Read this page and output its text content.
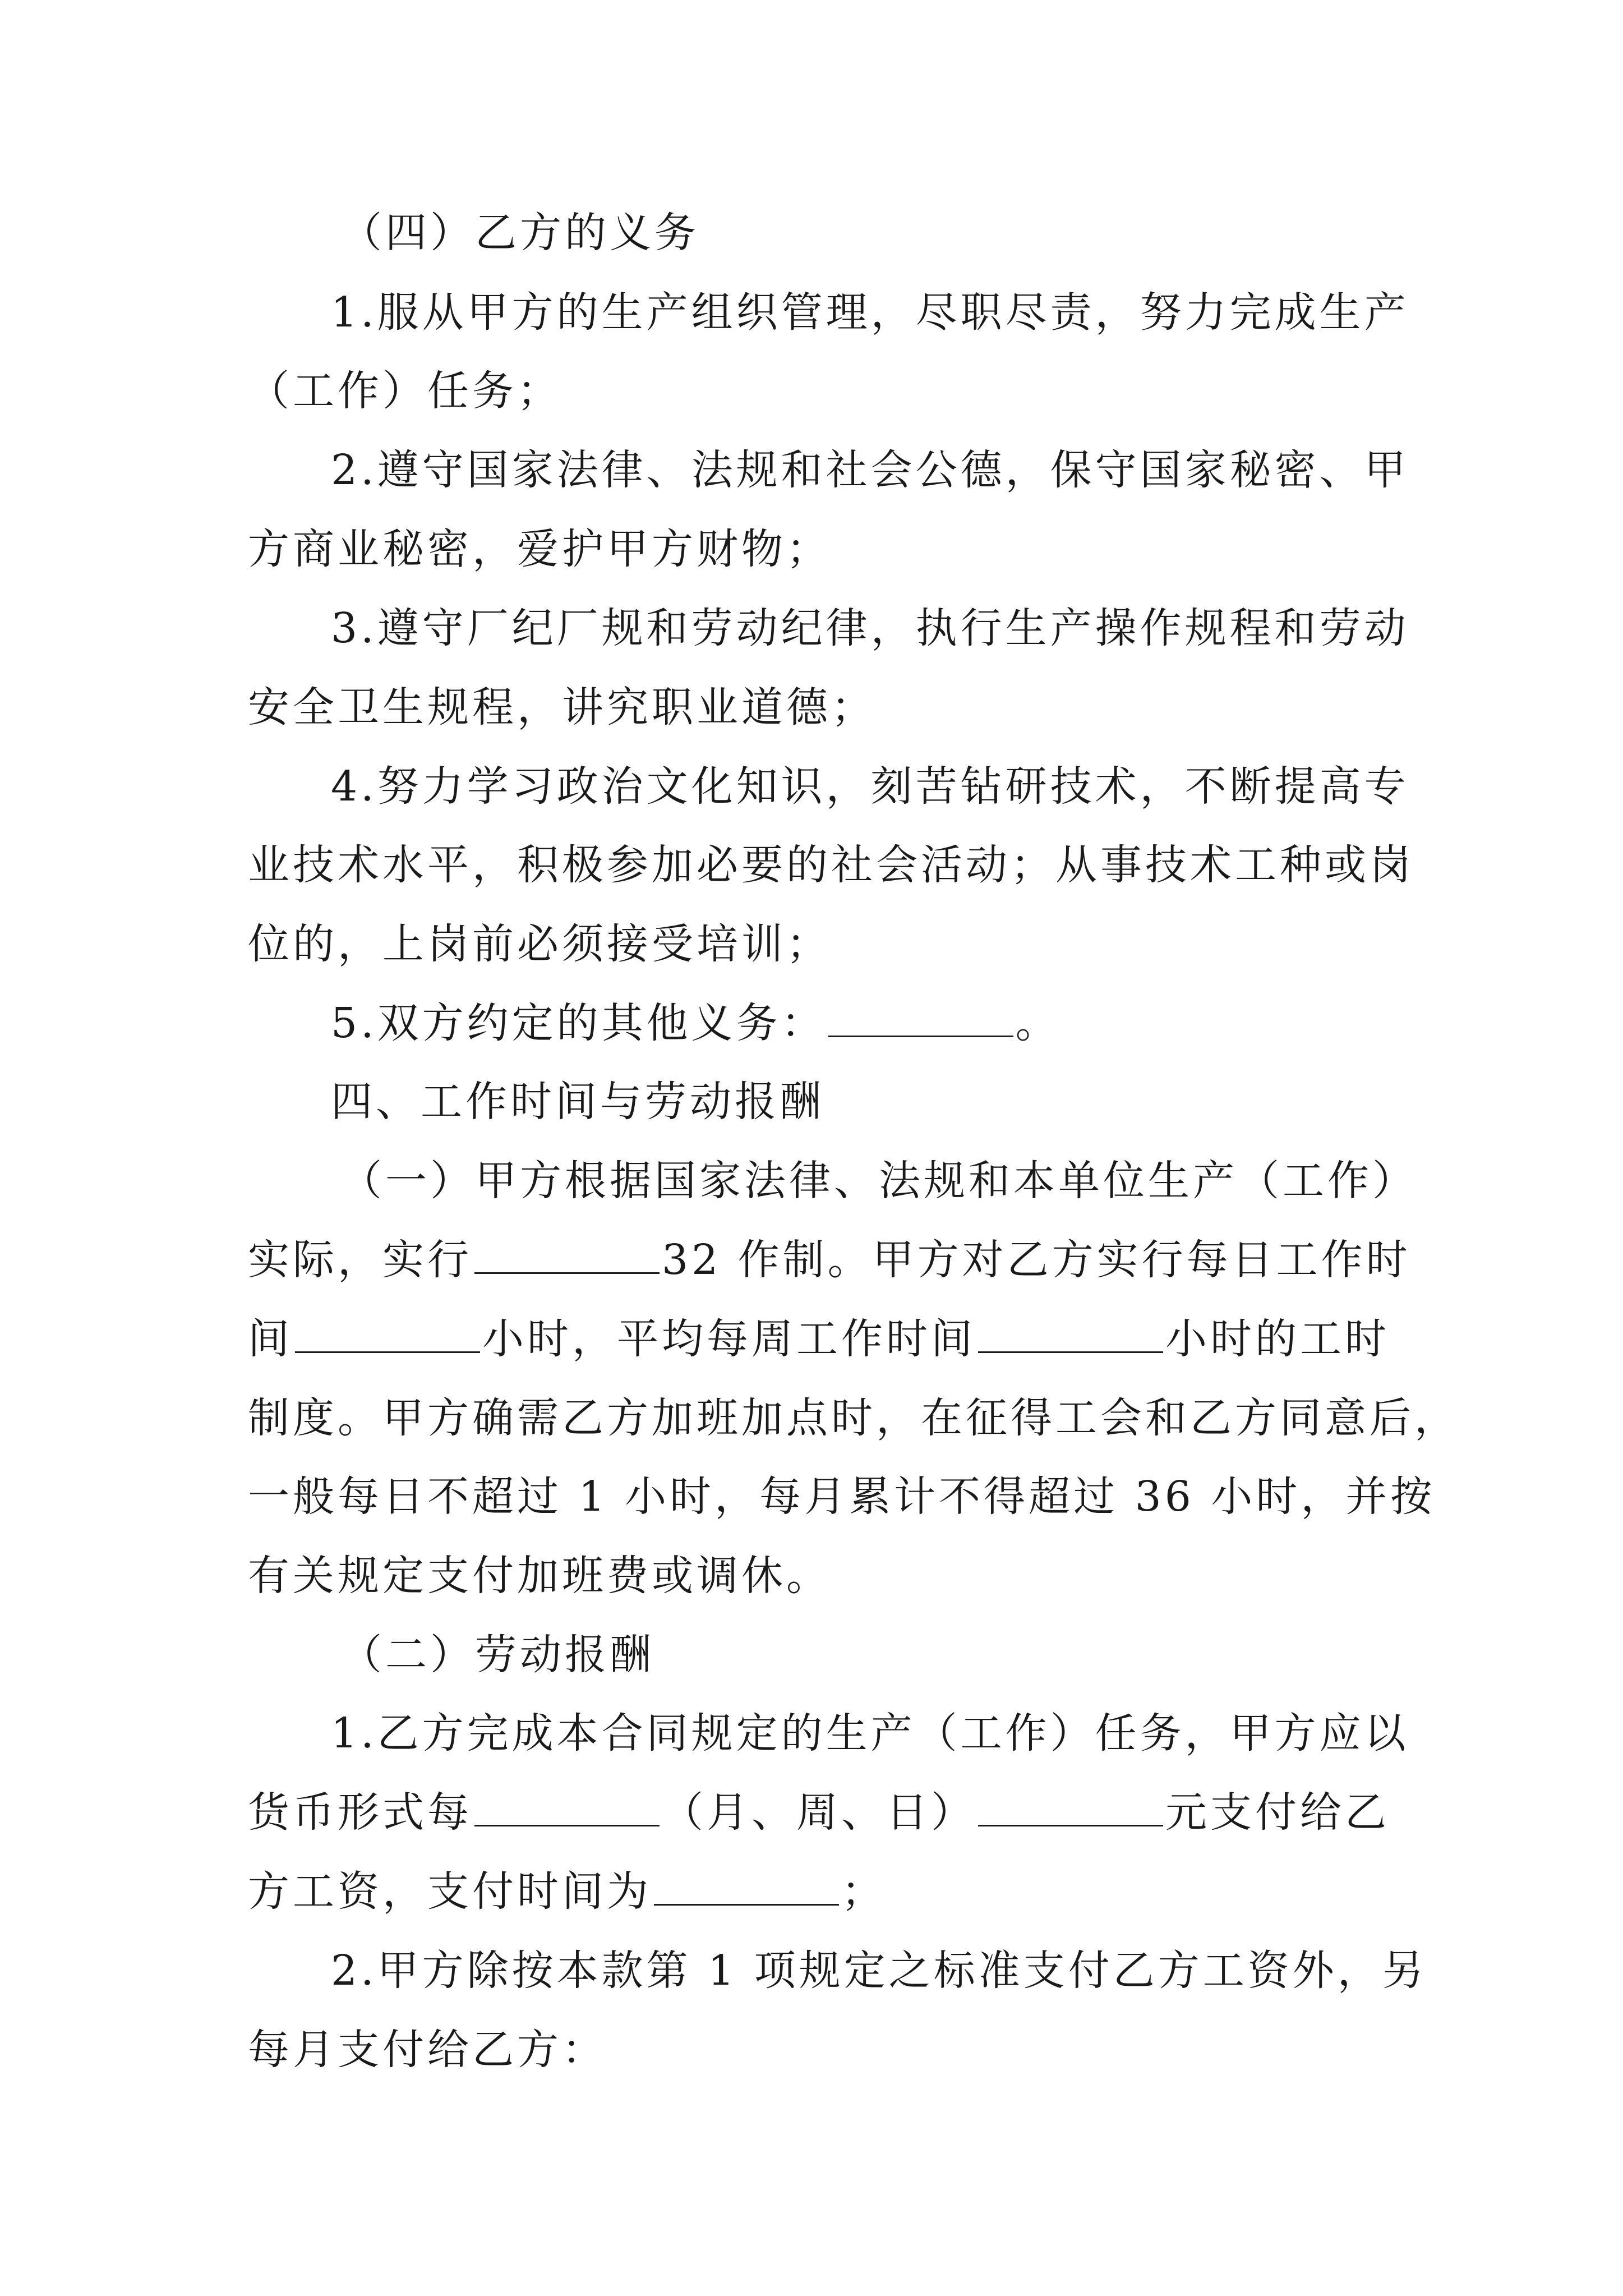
（四）乙方的义务
1.服从甲方的生产组织管理，尽职尽责，努力完成生产
（工作）任务；
2.遵守国家法律、法规和社会公德，保守国家秘密、甲
方商业秘密，爱护甲方财物；
3.遵守厂纪厂规和劳动纪律，执行生产操作规程和劳动
安全卫生规程，讲究职业道德；
4.努力学习政治文化知识，刻苦钻研技术，不断提高专
业技术水平，积极参加必要的社会活动；从事技术工种或岗
位的，上岗前必须接受培训；
5.双方约定的其他义务：	。
四、工作时间与劳动报酬
（一）甲方根据国家法律、法规和本单位生产（工作）
实际，实行	32 作制。甲方对乙方实行每日工作时
间	小时，平均每周工作时间	小时的工时
制度。甲方确需乙方加班加点时，在征得工会和乙方同意后，
一般每日不超过 1 小时，每月累计不得超过 36 小时，并按
有关规定支付加班费或调休。
（二）劳动报酬
1.乙方完成本合同规定的生产（工作）任务，甲方应以
货币形式每	（月、周、日）	元支付给乙
方工资，支付时间为	；
2.甲方除按本款第 1 项规定之标准支付乙方工资外，另
每月支付给乙方：
